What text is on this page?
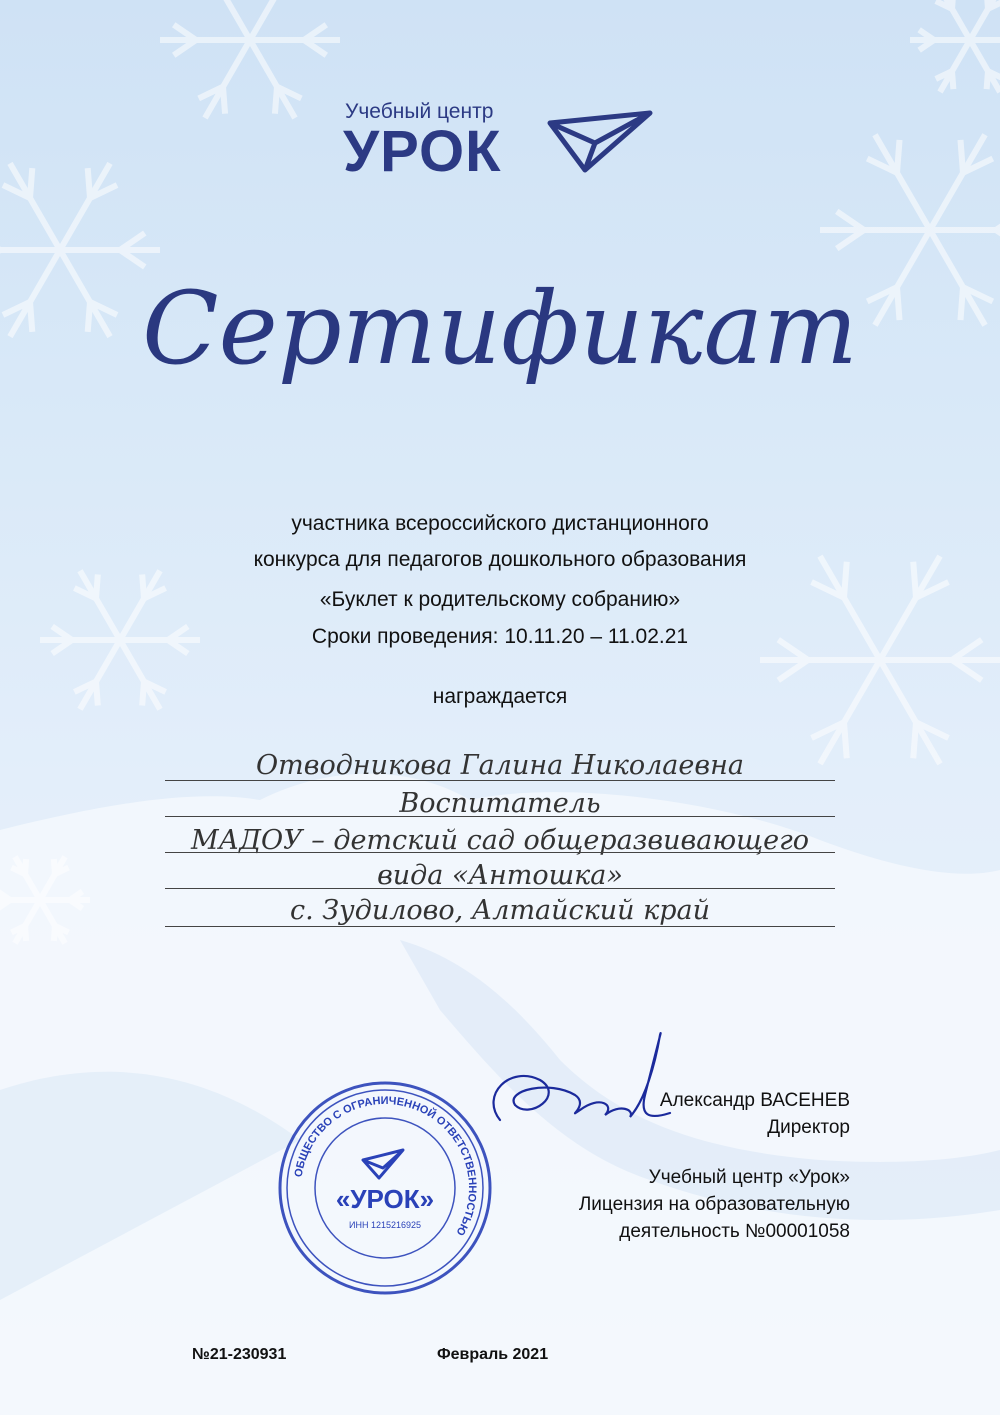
Учебный центр
УРОК
Сертификат
участника всероссийского дистанционного
конкурса для педагогов дошкольного образования
«Буклет к родительскому собранию»
Сроки проведения: 10.11.20 – 11.02.21
награждается
Отводникова Галина Николаевна
Воспитатель
МАДОУ – детский сад общеразвивающего
вида «Антошка»
с. Зудилово, Алтайский край
Александр ВАСЕНЕВ
Директор
Учебный центр «Урок»
Лицензия на образовательную
деятельность №00001058
ОБЩЕСТВО С ОГРАНИЧЕННОЙ ОТВЕТСТВЕННОСТЬЮ
«УРОК»
ИНН 1215216925
№21-230931	Февраль 2021
